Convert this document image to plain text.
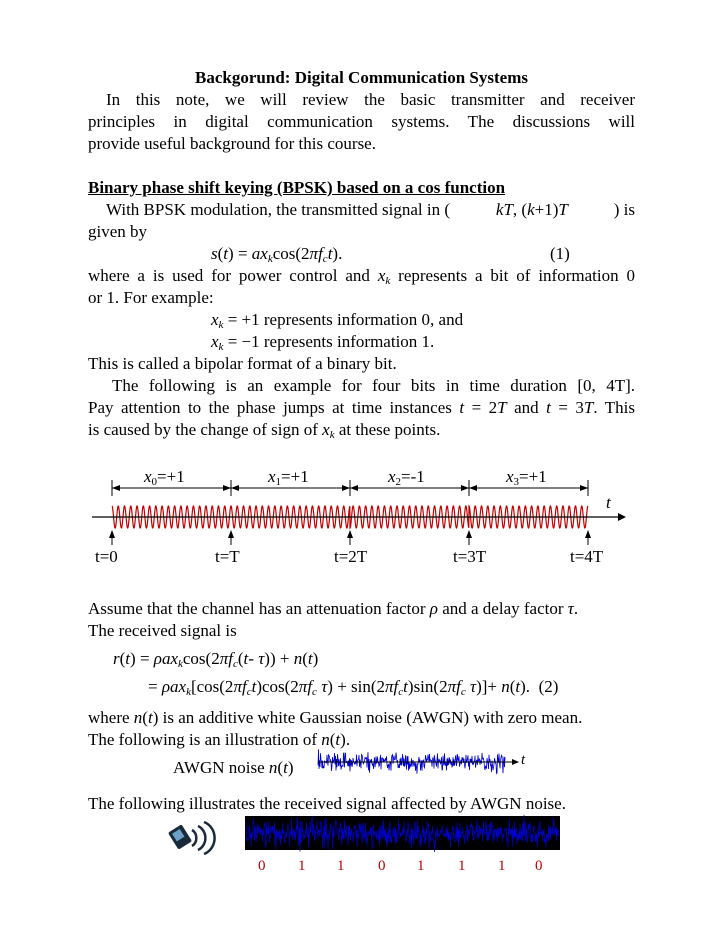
Backgorund: Digital Communication Systems
In this note, we will review the basic transmitter and receiver
principles in digital communication systems. The discussions will
provide useful background for this course.
Binary phase shift keying (BPSK) based on a cos function
With BPSK modulation, the transmitted signal in (	kT, (k+1)T	) is
given by
$s(t) = ax_k\cos(2\pi f_ct)$.	(1)
where a is used for power control and $x_k$ represents a bit of information 0
or 1. For example:
$x_k = +1$ represents information 0, and
$x_k = -1$ represents information 1.
This is called a bipolar format of a binary bit.
The following is an example for four bits in time duration [0, 4T].
Pay attention to the phase jumps at time instances t = 2T and t = 3T. This
is caused by the change of sign of $x_k$ at these points.
$x_0=+1$	$x_1=+1$	$x_2=-1$	$x_3=+1$
t
t=0	t=T	t=2T	t=3T	t=4T
Assume that the channel has an attenuation factor ρ and a delay factor τ.
The received signal is
$r(t) = \rho ax_k\cos(2\pi f_c(t-$ τ)) + n(t)
= $\rho ax_k[\cos(2\pi f_ct)\cos(2\pi f_c$ $\tau) + \sin(2\pi f_ct)\sin(2\pi f_c$ τ)]+ n(t).  (2)
where n(t) is an additive white Gaussian noise (AWGN) with zero mean.
The following is an illustration of n(t).
AWGN noise n(t)	t
The following illustrates the received signal affected by AWGN noise.
0 1 1 0 1 1 1 0
